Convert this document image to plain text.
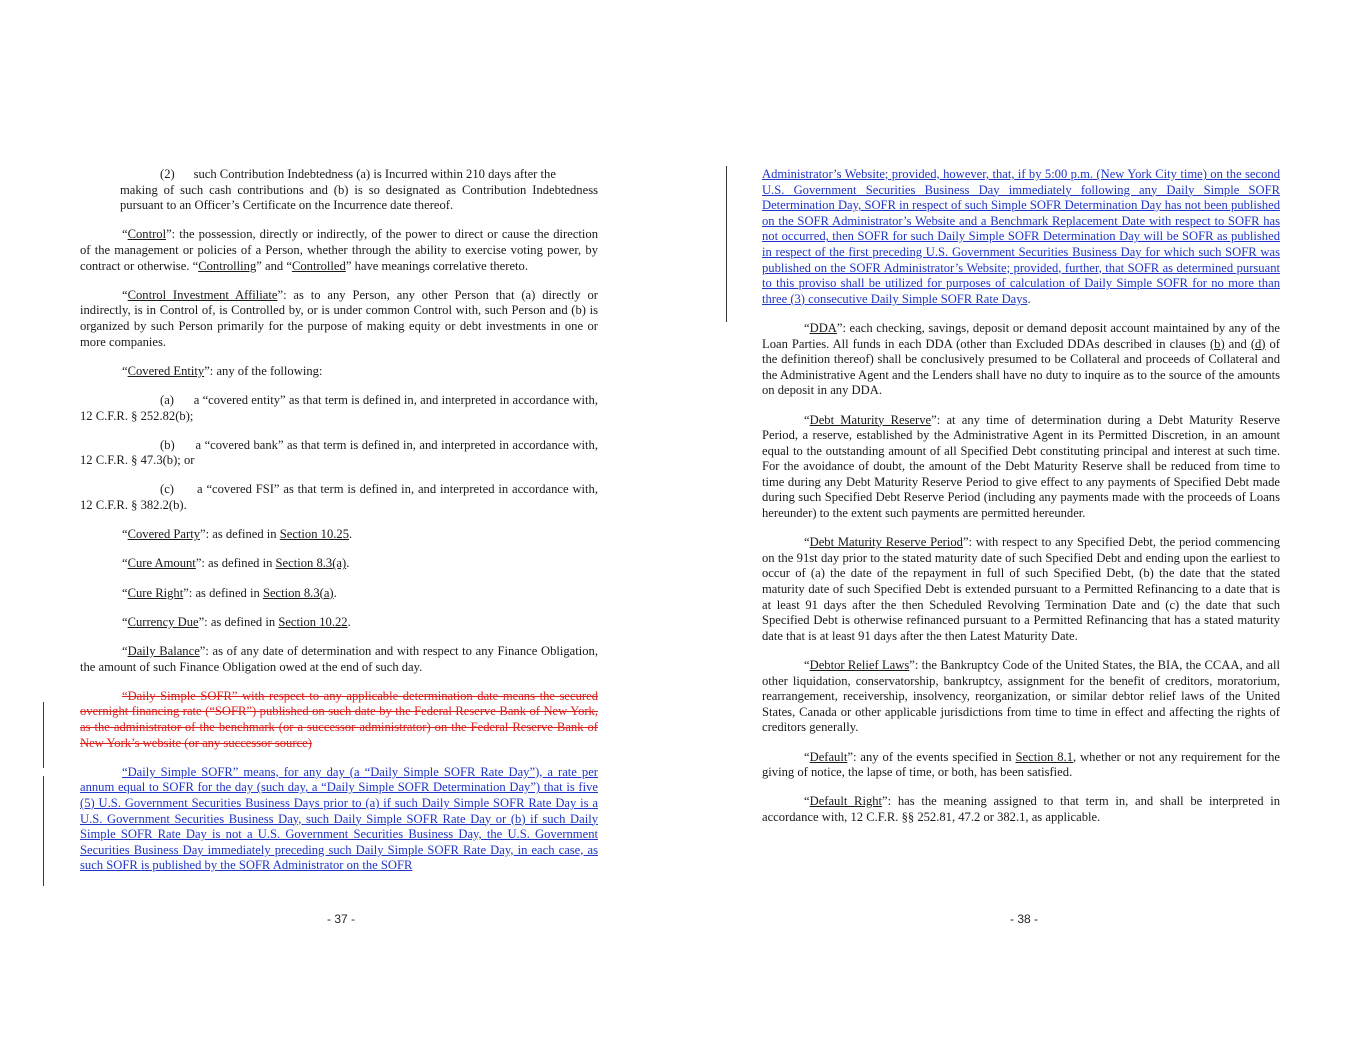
(2)      such Contribution Indebtedness (a) is Incurred within 210 days after the
making of such cash contributions and (b) is so designated as Contribution Indebtedness pursuant to an Officer’s Certificate on the Incurrence date thereof.

“Control”: the possession, directly or indirectly, of the power to direct or cause the direction of the management or policies of a Person, whether through the ability to exercise voting power, by contract or otherwise. “Controlling” and “Controlled” have meanings correlative thereto.

“Control Investment Affiliate”: as to any Person, any other Person that (a) directly or indirectly, is in Control of, is Controlled by, or is under common Control with, such Person and (b) is organized by such Person primarily for the purpose of making equity or debt investments in one or more companies.

“Covered Entity”: any of the following:

(a)      a “covered entity” as that term is defined in, and interpreted in accordance with, 12 C.F.R. § 252.82(b);

(b)      a “covered bank” as that term is defined in, and interpreted in accordance with, 12 C.F.R. § 47.3(b); or

(c)      a “covered FSI” as that term is defined in, and interpreted in accordance with, 12 C.F.R. § 382.2(b).

“Covered Party”: as defined in Section 10.25.

“Cure Amount”: as defined in Section 8.3(a).

“Cure Right”: as defined in Section 8.3(a).

“Currency Due”: as defined in Section 10.22.

“Daily Balance”: as of any date of determination and with respect to any Finance Obligation, the amount of such Finance Obligation owed at the end of such day.

“Daily Simple SOFR” with respect to any applicable determination date means the secured overnight financing rate (“SOFR”) published on such date by the Federal Reserve Bank of New York, as the administrator of the benchmark (or a successor administrator) on the Federal Reserve Bank of New York’s website (or any successor source)

“Daily Simple SOFR” means, for any day (a “Daily Simple SOFR Rate Day”), a rate per annum equal to SOFR for the day (such day, a “Daily Simple SOFR Determination Day”) that is five (5) U.S. Government Securities Business Days prior to (a) if such Daily Simple SOFR Rate Day is a U.S. Government Securities Business Day, such Daily Simple SOFR Rate Day or (b) if such Daily Simple SOFR Rate Day is not a U.S. Government Securities Business Day, the U.S. Government Securities Business Day immediately preceding such Daily Simple SOFR Rate Day, in each case, as such SOFR is published by the SOFR Administrator on the SOFR

- 37 -

Administrator’s Website; provided, however, that, if by 5:00 p.m. (New York City time) on the second U.S. Government Securities Business Day immediately following any Daily Simple SOFR Determination Day, SOFR in respect of such Simple SOFR Determination Day has not been published on the SOFR Administrator’s Website and a Benchmark Replacement Date with respect to SOFR has not occurred, then SOFR for such Daily Simple SOFR Determination Day will be SOFR as published in respect of the first preceding U.S. Government Securities Business Day for which such SOFR was published on the SOFR Administrator’s Website; provided, further, that SOFR as determined pursuant to this proviso shall be utilized for purposes of calculation of Daily Simple SOFR for no more than three (3) consecutive Daily Simple SOFR Rate Days.

“DDA”: each checking, savings, deposit or demand deposit account maintained by any of the Loan Parties. All funds in each DDA (other than Excluded DDAs described in clauses (b) and (d) of the definition thereof) shall be conclusively presumed to be Collateral and proceeds of Collateral and the Administrative Agent and the Lenders shall have no duty to inquire as to the source of the amounts on deposit in any DDA.

“Debt Maturity Reserve”: at any time of determination during a Debt Maturity Reserve Period, a reserve, established by the Administrative Agent in its Permitted Discretion, in an amount equal to the outstanding amount of all Specified Debt constituting principal and interest at such time. For the avoidance of doubt, the amount of the Debt Maturity Reserve shall be reduced from time to time during any Debt Maturity Reserve Period to give effect to any payments of Specified Debt made during such Specified Debt Reserve Period (including any payments made with the proceeds of Loans hereunder) to the extent such payments are permitted hereunder.

“Debt Maturity Reserve Period”: with respect to any Specified Debt, the period commencing on the 91st day prior to the stated maturity date of such Specified Debt and ending upon the earliest to occur of (a) the date of the repayment in full of such Specified Debt, (b) the date that the stated maturity date of such Specified Debt is extended pursuant to a Permitted Refinancing to a date that is at least 91 days after the then Scheduled Revolving Termination Date and (c) the date that such Specified Debt is otherwise refinanced pursuant to a Permitted Refinancing that has a stated maturity date that is at least 91 days after the then Latest Maturity Date.

“Debtor Relief Laws”: the Bankruptcy Code of the United States, the BIA, the CCAA, and all other liquidation, conservatorship, bankruptcy, assignment for the benefit of creditors, moratorium, rearrangement, receivership, insolvency, reorganization, or similar debtor relief laws of the United States, Canada or other applicable jurisdictions from time to time in effect and affecting the rights of creditors generally.

“Default”: any of the events specified in Section 8.1, whether or not any requirement for the giving of notice, the lapse of time, or both, has been satisfied.

“Default Right”: has the meaning assigned to that term in, and shall be interpreted in accordance with, 12 C.F.R. §§ 252.81, 47.2 or 382.1, as applicable.

- 38 -
